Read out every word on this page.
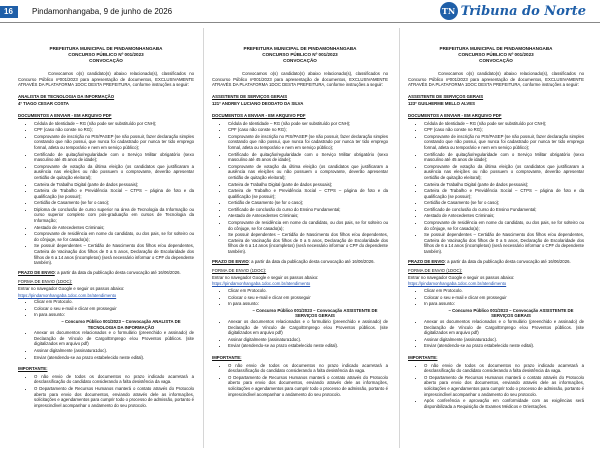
16	Pindamonhangaba, 9 de junho de 2026	TN Tribuna do Norte
PREFEITURA MUNICIPAL DE PINDAMONHANGABA
CONCURSO PÚBLICO Nº 001/2023
CONVOCAÇÃO

Convocamos o(s) candidato(s) abaixo relacionado(s), classificados no Concurso Público nº001/2023 para apresentação de documentos, EXCLUSIVAMENTE ATRAVÉS DA PLATAFORMA 1DOC DESTA PREFEITURA, conforme instruções a seguir:

ANALISTA DE TECNOLOGIA DA INFORMAÇÃO
4º TIAGO CESAR COSTA
DOCUMENTOS A ENVIAR - EM ARQUIVO PDF
• Cédula de Identidade – RG (não pode ser substituído por CNH);
• CPF (caso não conste no RG);
• Comprovante de inscrição no PIS/PASEP (se não possuir, fazer declaração simples constando que não possui, que nunca foi cadastrado por nunca ter tido emprego formal, atleta ou temporário e nem em serviço público);
• Certificado de quitação/regularidade com o Serviço Militar obrigatório (sexo masculino até 45 anos de idade);
• Comprovante de votação da última eleição (os candidatos que justificaram a ausência nas eleições ou não possuem o comprovante, deverão apresentar certidão de quitação eleitoral);
• Carteira de Trabalho Digital (parte de dados pessoais);
• Carteira de Trabalho e Previdência Social – CTPS – página de foto e da qualificação (se possuir);
• Certidão de Casamento (se for o caso);
• Diploma de conclusão de curso superior na área de Tecnologia da Informação ou curso superior completo com pós-graduação em cursos de Tecnologia da Informação;
• Atestado de Antecedentes Criminais;
• Comprovante de residência em nome do candidato, ou dos pais, se for solteiro ou do cônjuge, se for casado(a);
• Se possuir dependentes – Certidão de Nascimento dos filhos e/ou dependentes, Carteira de Vacinação dos filhos de 0 a 5 anos, Declaração de Escolaridade dos filhos de 6 a 14 anos (incompletos) (será necessário informar o CPF do dependente também).

PRAZO DE ENVIO: a partir da data da publicação desta convocação até 16/06/2026.

FORMA DE ENVIO (1DOC):
Entrar no navegador Google e seguir os passos abaixo:
https://pindamonhangaba.1doc.com.br/atendimento
• Clicar em Protocolo.
• Colocar o seu e-mail e clicar em prosseguir
• In para assunto:
– Concurso Público 001/2023 – Convocação ANALISTA DE TECNOLOGIA DA INFORMAÇÃO
• Anexar os documentos relacionados e o formulário (preenchido e assinado) de Declaração de Vínculo de Cargo/Emprego e/ou Proventos públicos. (site digitalizados em arquivo pdf)
• Assinar digitalmente (assinatura1doc).
• Enviar (atendendo-se ao prazo estabelecido neste edital).
IMPORTANTE:
• O não envio de todos os documentos no prazo indicado acarretará a desclassificação do candidato considerando a falta desistência da vaga.
• O Departamento de Recursos Humanos manterá o contato através do Protocolo aberto para envio dos documentos, enviando através dele as informações, solicitações e agendamentos para cumprir todo o processo de admissão, portanto é imprescindível acompanhar o andamento do seu protocolo.
PREFEITURA MUNICIPAL DE PINDAMONHANGABA
CONCURSO PÚBLICO Nº 001/2023
CONVOCAÇÃO

Convocamos o(s) candidato(s) abaixo relacionado(s), classificados no Concurso Público nº001/2023 para apresentação de documentos, EXCLUSIVAMENTE ATRAVÉS DA PLATAFORMA 1DOC DESTA PREFEITURA, conforme instruções a seguir:

ASSISTENTE DE SERVIÇOS GERAIS
121º ANDREY LUCIANO DEODATO DA SILVA
DOCUMENTOS A ENVIAR - EM ARQUIVO PDF
• Cédula de Identidade – RG (não pode ser substituído por CNH);
• CPF (caso não conste no RG);
• Comprovante de inscrição no PIS/PASEP (se não possuir, fazer declaração simples constando que não possui, que nunca foi cadastrado por nunca ter tido emprego formal, atleta ou temporário e nem em serviço público);
• Certificado de quitação/regularidade com o Serviço Militar obrigatório (sexo masculino até 45 anos de idade);
• Comprovante de votação da última eleição (os candidatos que justificaram a ausência nas eleições ou não possuem o comprovante, deverão apresentar certidão de quitação eleitoral);
• Carteira de Trabalho Digital (parte de dados pessoais);
• Carteira de Trabalho e Previdência Social – CTPS – página de foto e da qualificação (se possuir);
• Certidão de Casamento (se for o caso);
• Certificado de conclusão do curso do Ensino Fundamental;
• Atestado de Antecedentes Criminais;
• Comprovante de residência em nome do candidato, ou dos pais, se for solteiro ou do cônjuge, se for casado(a);
• Se possuir dependentes – Certidão de Nascimento dos filhos e/ou dependentes, Carteira de Vacinação dos filhos de 0 a 5 anos, Declaração de Escolaridade dos filhos de 6 a 14 anos (incompletos) (será necessário informar o CPF do dependente também).

PRAZO DE ENVIO: a partir da data da publicação desta convocação até 16/06/2026.

FORMA DE ENVIO (1DOC):
Entrar no navegador Google e seguir os passos abaixo:
https://pindamonhangaba.1doc.com.br/atendimento
• Clicar em Protocolo.
• Colocar o seu e-mail e clicar em prosseguir
• In para assunto:
– Concurso Público 001/2023 – Convocação ASSISTENTE DE SERVIÇOS GERAIS
• Anexar os documentos relacionados e o formulário (preenchido e assinado) de Declaração de Vínculo de Cargo/Emprego e/ou Proventos públicos. (site digitalizados em arquivo pdf)
• Assinar digitalmente (assinatura1doc).
• Enviar (atendendo-se ao prazo estabelecido neste edital).
IMPORTANTE:
• O não envio de todos os documentos no prazo indicado acarretará a desclassificação do candidato considerando a falta desistência da vaga.
• O Departamento de Recursos Humanos manterá o contato através do Protocolo aberto para envio dos documentos, enviando através dele as informações, solicitações e agendamentos para cumprir todo o processo de admissão, portanto é imprescindível acompanhar o andamento do seu protocolo.
PREFEITURA MUNICIPAL DE PINDAMONHANGABA
CONCURSO PÚBLICO Nº 001/2023
CONVOCAÇÃO

Convocamos o(s) candidato(s) abaixo relacionado(s), classificados no Concurso Público nº001/2023 para apresentação de documentos, EXCLUSIVAMENTE ATRAVÉS DA PLATAFORMA 1DOC DESTA PREFEITURA, conforme instruções a seguir:

ASSISTENTE DE SERVIÇOS GERAIS
123º GUILHERME MELLO ALVES
DOCUMENTOS A ENVIAR - EM ARQUIVO PDF
• Cédula de Identidade – RG (não pode ser substituído por CNH);
• CPF (caso não conste no RG);
• Comprovante de inscrição no PIS/PASEP (se não possuir, fazer declaração simples constando que não possui, que nunca foi cadastrado por nunca ter tido emprego formal, atleta ou temporário e nem em serviço público);
• Certificado de quitação/regularidade com o Serviço Militar obrigatório (sexo masculino até 45 anos de idade);
• Comprovante de votação da última eleição (os candidatos que justificaram a ausência nas eleições ou não possuem o comprovante, deverão apresentar certidão de quitação eleitoral);
• Carteira de Trabalho Digital (parte de dados pessoais);
• Carteira de Trabalho e Previdência Social – CTPS – página de foto e da qualificação (se possuir);
• Certidão de Casamento (se for o caso);
• Certificado de conclusão do curso do Ensino Fundamental;
• Atestado de Antecedentes Criminais;
• Comprovante de residência em nome do candidato, ou dos pais, se for solteiro ou do cônjuge, se for casado(a);
• Se possuir dependentes – Certidão de Nascimento dos filhos e/ou dependentes, Carteira de Vacinação dos filhos de 0 a 5 anos, Declaração de Escolaridade dos filhos de 6 a 14 anos (incompletos) (será necessário informar o CPF do dependente também).

PRAZO DE ENVIO: a partir da data da publicação desta convocação até 16/06/2026.

FORMA DE ENVIO (1DOC):
Entrar no navegador Google e seguir os passos abaixo:
https://pindamonhangaba.1doc.com.br/atendimento
• Clicar em Protocolo.
• Colocar o seu e-mail e clicar em prosseguir
• In para assunto:
– Concurso Público 001/2023 – Convocação ASSISTENTE DE SERVIÇOS GERAIS
• Anexar os documentos relacionados e o formulário (preenchido e assinado) de Declaração de Vínculo de Cargo/Emprego e/ou Proventos públicos. (site digitalizados em arquivo pdf)
• Assinar digitalmente (assinatura1doc).
• Enviar (atendendo-se ao prazo estabelecido neste edital).
IMPORTANTE:
• O não envio de todos os documentos no prazo indicado acarretará a desclassificação do candidato considerando a falta desistência da vaga.
• O Departamento de Recursos Humanos manterá o contato através do Protocolo aberto para envio dos documentos, enviando através dele as informações, solicitações e agendamentos para cumprir todo o processo de admissão, portanto é imprescindível acompanhar o andamento do seu protocolo.
• Após conferência e aprovação em conformidade com as exigências será disponibilizada a Requisição de Exames Médicos e Orientações.
